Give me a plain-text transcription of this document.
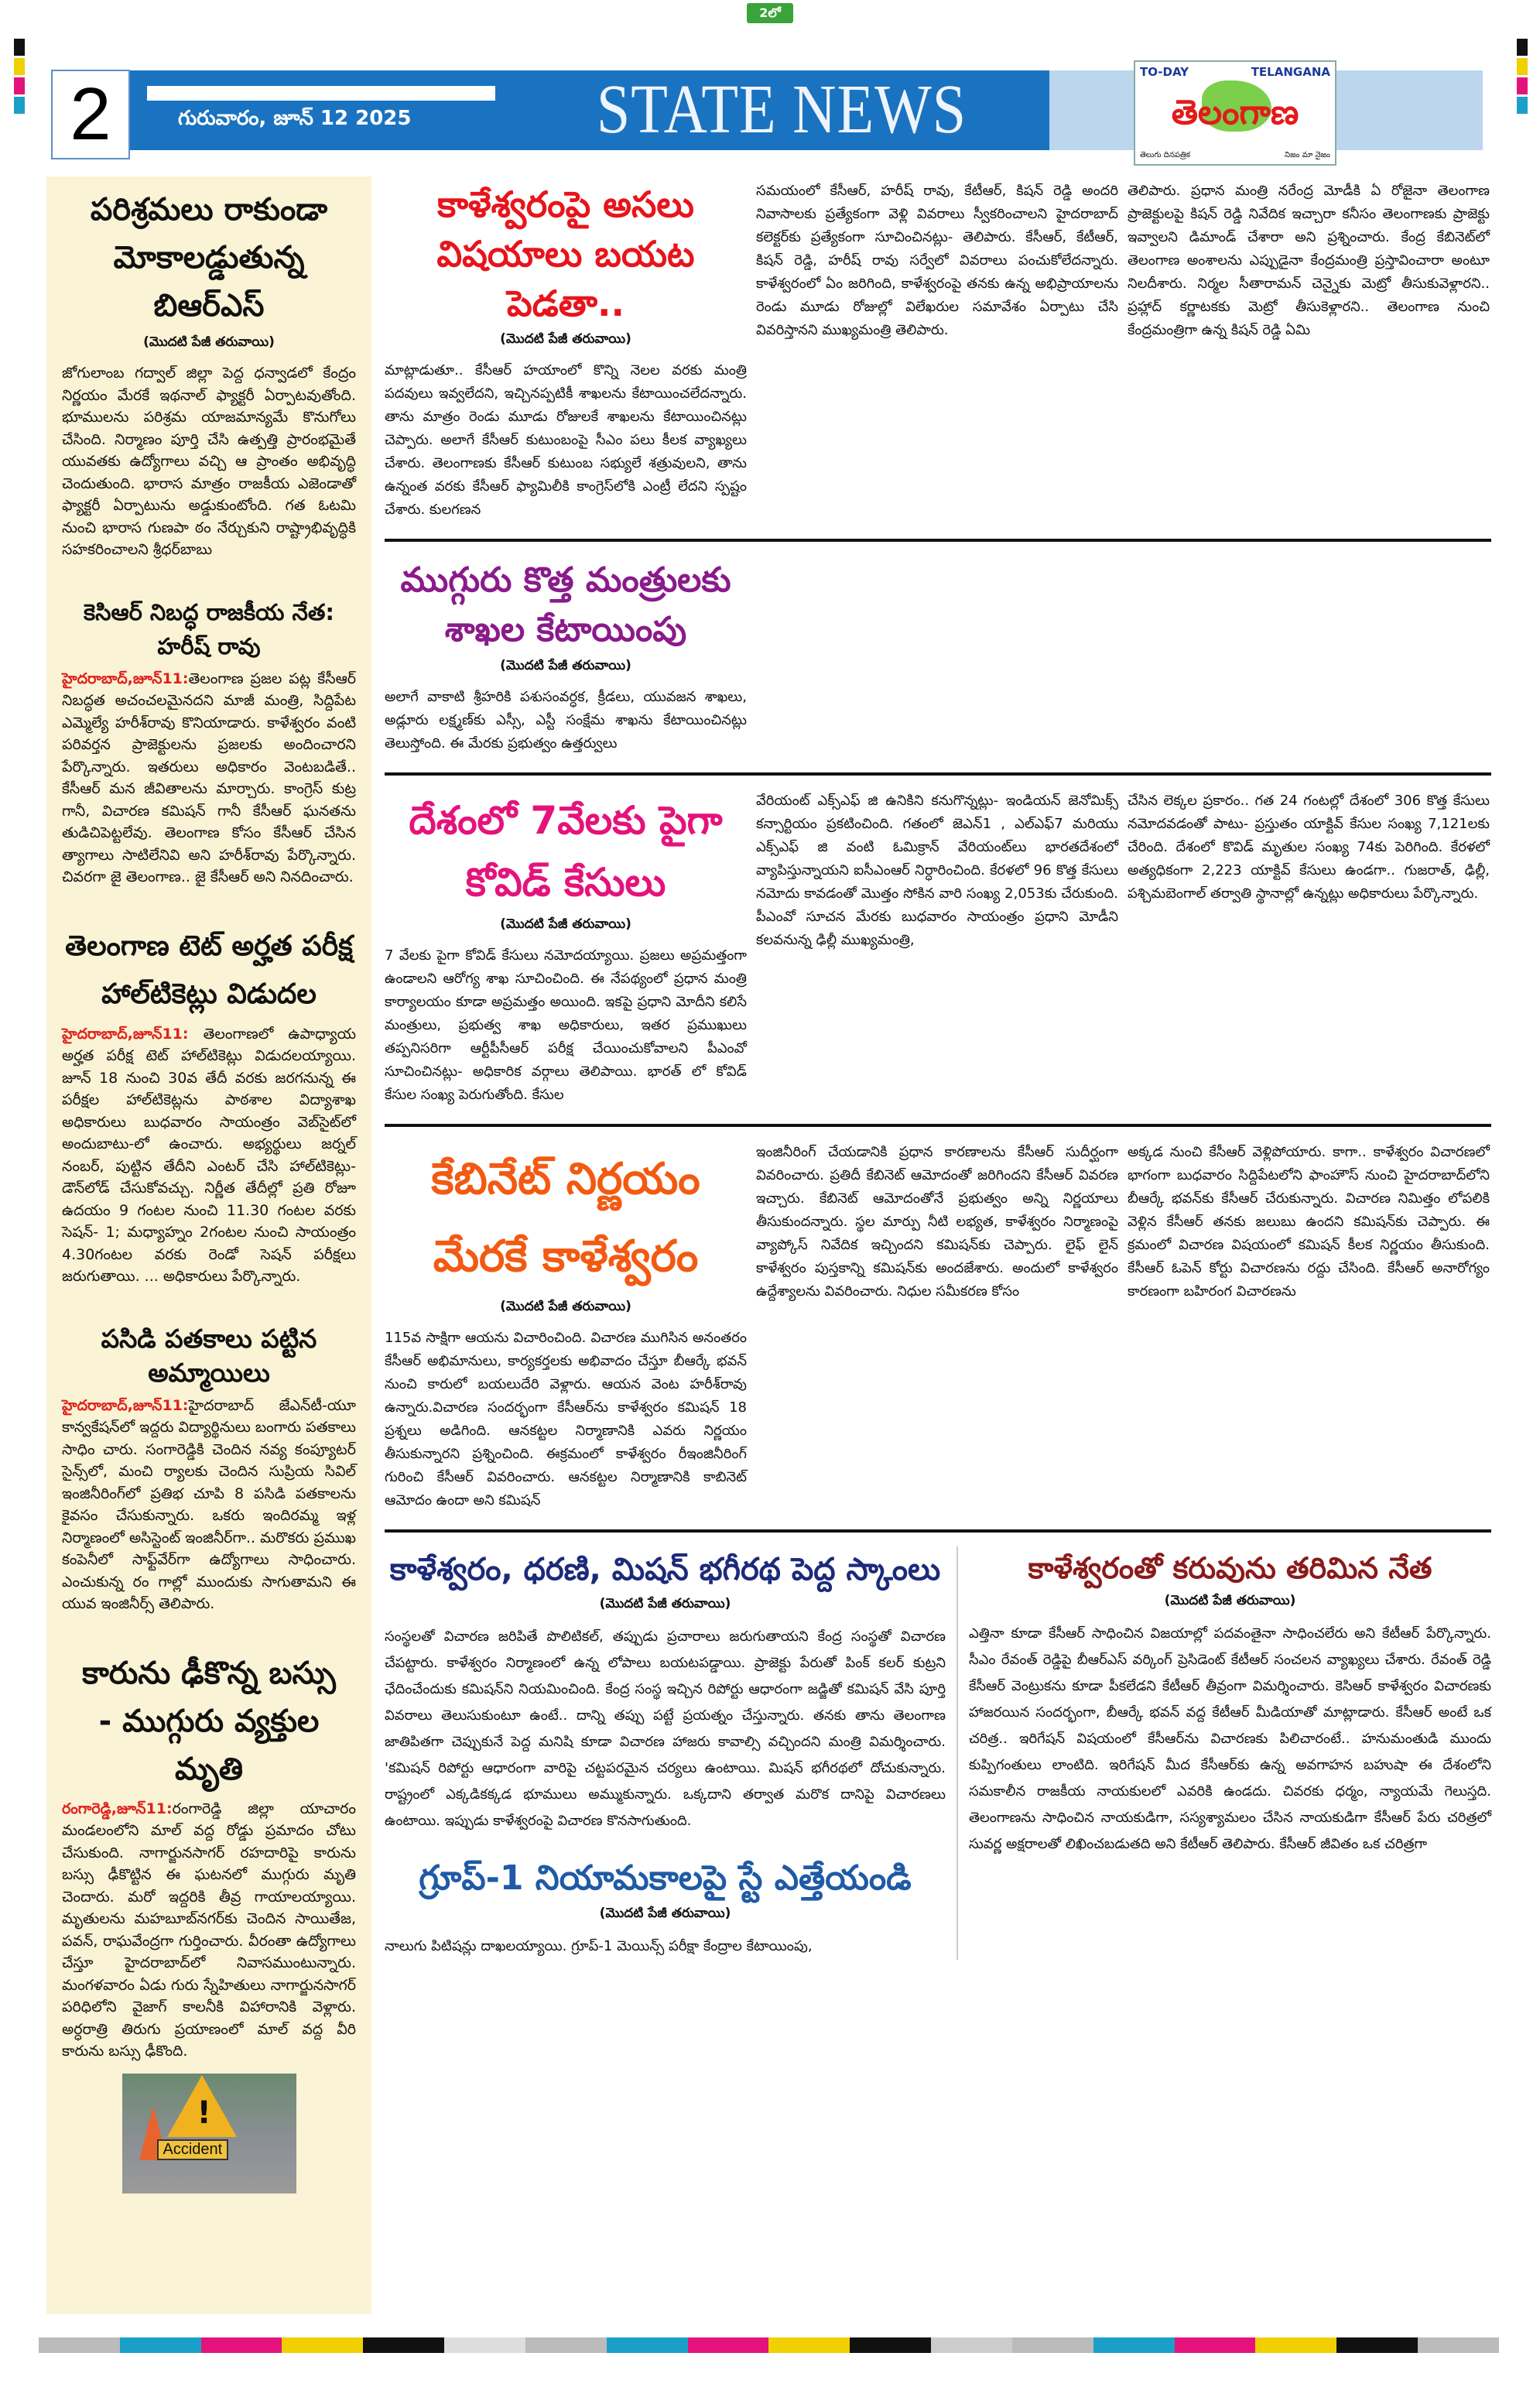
2లో
2	గురువారం, జూన్ 12 2025	STATE NEWS	TO-DAY	TELANGANA
తెలంగాణ
తెలుగు దినపత్రిక	నిజం మా నైజం
పరిశ్రమలు రాకుండా
మోకాలడ్డుతున్న బిఆర్ఎస్
(మొదటి పేజీ తరువాయి)

జోగులాంబ గద్వాల్ జిల్లా పెద్ద ధన్వాడలో కేంద్రం నిర్ణయం మేరకే ఇథనాల్ ఫ్యాక్టరీ ఏర్పాటవుతోంది. భూములను పరిశ్రమ యాజమాన్యమే కొనుగోలు చేసింది. నిర్మాణం పూర్తి చేసి ఉత్పత్తి ప్రారంభమైతే యువతకు ఉద్యోగాలు వచ్చి ఆ ప్రాంతం అభివృద్ధి చెందుతుంది. భారాస మాత్రం రాజకీయ ఎజెండాతో ఫ్యాక్టరీ ఏర్పాటును అడ్డుకుంటోంది. గత ఓటమి నుంచి భారాస గుణపా ఠం నేర్చుకుని రాష్ట్రాభివృద్ధికి సహకరించాలని శ్రీధర్‌బాబు

కెసిఆర్ నిబద్ధ రాజకీయ నేత: హరీష్ రావు

హైదరాబాద్,జూన్11:తెలంగాణ ప్రజల పట్ల కేసీఆర్ నిబద్ధత అచంచలమైనదని మాజీ మంత్రి, సిద్దిపేట ఎమ్మెల్యే హరీశ్‌రావు కొనియాడారు. కాళేశ్వరం వంటి పరివర్తన ప్రాజెక్టులను ప్రజలకు అందించారని పేర్కొన్నారు. ఇతరులు అధికారం వెంటబడితే.. కేసీఆర్ మన జీవితాలను మార్చారు. కాంగ్రెస్ కుట్ర గానీ, విచారణ కమిషన్ గానీ కేసీఆర్ ఘనతను తుడిచిపెట్టలేవు. తెలంగాణ కోసం కేసీఆర్ చేసిన త్యాగాలు సాటిలేనివి అని హరీశ్‌రావు పేర్కొన్నారు. చివరగా జై తెలంగాణ.. జై కేసీఆర్ అని నినదించారు.

తెలంగాణ టెట్ అర్హత పరీక్ష
హాల్‌టికెట్లు విడుదల

హైదరాబాద్,జూన్11: తెలంగాణలో ఉపాధ్యాయ అర్హత పరీక్ష టెట్ హాల్‌టికెట్లు విడుదలయ్యాయి. జూన్ 18 నుంచి 30వ తేదీ వరకు జరగనున్న ఈ పరీక్షల హాల్‌టికెట్లను పాఠశాల విద్యాశాఖ అధికారులు బుధవారం సాయంత్రం వెబ్‌సైట్‌లో అందుబాటు-లో ఉంచారు. అభ్యర్థులు జర్నల్ నంబర్, పుట్టిన తేదీని ఎంటర్ చేసి హాల్‌టికెట్లు- డౌన్‌లోడ్ చేసుకోవచ్చు. నిర్ణీత తేదీల్లో ప్రతి రోజూ ఉదయం 9 గంటల నుంచి 11.30 గంటల వరకు సెషన్- 1; మధ్యాహ్నం 2గంటల నుంచి సాయంత్రం 4.30గంటల వరకు రెండో సెషన్ పరీక్షలు జరుగుతాయి. ... అధికారులు పేర్కొన్నారు.

పసిడి పతకాలు పట్టిన అమ్మాయిలు

హైదరాబాద్,జూన్11:హైదరాబాద్ జేఎన్‌టీ-యూ కాన్వకేషన్‌లో ఇద్దరు విద్యార్థినులు బంగారు పతకాలు సాధిం చారు. సంగారెడ్డికి చెందిన నవ్య కంప్యూటర్ సైన్స్‌లో, మంచి ర్యాలకు చెందిన సుప్రియ సివిల్ ఇంజినీరింగ్‌లో ప్రతిభ చూపి 8 పసిడి పతకాలను కైవసం చేసుకున్నారు. ఒకరు ఇందిరమ్మ ఇళ్ల నిర్మాణంలో అసిస్టెంట్ ఇంజినీర్‌గా.. మరొకరు ప్రముఖ కంపెనీలో సాఫ్ట్‌వేర్‌గా ఉద్యోగాలు సాధించారు. ఎంచుకున్న రం గాల్లో ముందుకు సాగుతామని ఈ యువ ఇంజినీర్స్ తెలిపారు.

కారును ఢీకొన్న బస్సు
- ముగ్గురు వ్యక్తుల మృతి

రంగారెడ్డి,జూన్11:రంగారెడ్డి జిల్లా యాచారం మండలంలోని మాల్ వద్ద రోడ్డు ప్రమాదం చోటు చేసుకుంది. నాగార్జునసాగర్ రహదారిపై కారును బస్సు ఢీకొట్టిన ఈ ఘటనలో ముగ్గురు మృతి చెందారు. మరో ఇద్దరికి తీవ్ర గాయాలయ్యాయి. మృతులను మహబూబ్‌నగర్‌కు చెందిన సాయితేజ, పవన్, రాఘవేంద్రగా గుర్తించారు. వీరంతా ఉద్యోగాలు చేస్తూ హైదరాబాద్‌లో నివాసముంటున్నారు. మంగళవారం ఏడు గురు స్నేహితులు నాగార్జునసాగర్ పరిధిలోని వైజాగ్ కాలనీకి విహారానికి వెళ్లారు. అర్ధరాత్రి తిరుగు ప్రయాణంలో మాల్ వద్ద వీరి కారును బస్సు ఢీకొంది.

!
Accident
కాళేశ్వరంపై అసలు
విషయాలు బయట పెడతా..
(మొదటి పేజీ తరువాయి)

మాట్లాడుతూ.. కేసీఆర్ హయాంలో కొన్ని నెలల వరకు మంత్రి పదవులు ఇవ్వలేదని, ఇచ్చినప్పటికీ శాఖలను కేటాయించలేదన్నారు. తాను మాత్రం రెండు మూడు రోజులకే శాఖలను కేటాయించినట్లు చెప్పారు. అలాగే కేసీఆర్ కుటుంబంపై సీఎం పలు కీలక వ్యాఖ్యలు చేశారు. తెలంగాణకు కేసీఆర్ కుటుంబ సభ్యులే శత్రువులని, తాను ఉన్నంత వరకు కేసీఆర్ ఫ్యామిలీకి కాంగ్రెస్‌లోకి ఎంట్రీ లేదని స్పష్టం చేశారు. కులగణన

సమయంలో కేసీఆర్, హరీష్ రావు, కేటీఆర్, కిషన్ రెడ్డి అందరి నివాసాలకు ప్రత్యేకంగా వెళ్లి వివరాలు స్వీకరించాలని హైదరాబాద్ కలెక్టర్‌కు ప్రత్యేకంగా సూచించినట్లు- తెలిపారు. కేసీఆర్, కేటీఆర్, కిషన్ రెడ్డి, హరీష్ రావు సర్వేలో వివరాలు పంచుకోలేదన్నారు. కాళేశ్వరంలో ఏం జరిగింది, కాళేశ్వరంపై తనకు ఉన్న అభిప్రాయాలను రెండు మూడు రోజుల్లో విలేఖరుల సమావేశం ఏర్పాటు చేసి వివరిస్తానని ముఖ్యమంత్రి తెలిపారు.

తెలిపారు. ప్రధాన మంత్రి నరేంద్ర మోడీకి ఏ రోజైనా తెలంగాణ ప్రాజెక్టులపై కిషన్ రెడ్డి నివేదిక ఇచ్చారా కనీసం తెలంగాణకు ప్రాజెక్టు ఇవ్వాలని డిమాండ్ చేశారా అని ప్రశ్నించారు. కేంద్ర కేబినెట్‌లో తెలంగాణ అంశాలను ఎప్పుడైనా కేంద్రమంత్రి ప్రస్తావించారా అంటూ నిలదీశారు. నిర్మల సీతారామన్ చెన్నైకు మెట్రో తీసుకువెళ్లారని.. ప్రహ్లాద్ కర్ణాటకకు మెట్రో తీసుకెళ్లారని.. తెలంగాణ నుంచి కేంద్రమంత్రిగా ఉన్న కిషన్ రెడ్డి ఏమి

ముగ్గురు కొత్త మంత్రులకు
శాఖల కేటాయింపు
(మొదటి పేజీ తరువాయి)

అలాగే వాకాటి శ్రీహరికి పశుసంవర్ధక, క్రీడలు, యువజన శాఖలు, అడ్లూరు లక్ష్మణ్‌కు ఎస్సీ, ఎస్టీ సంక్షేమ శాఖను కేటాయించినట్లు తెలుస్తోంది. ఈ మేరకు ప్రభుత్వం ఉత్తర్వులు

దేశంలో 7వేలకు పైగా
కోవిడ్ కేసులు
(మొదటి పేజీ తరువాయి)

7 వేలకు పైగా కోవిడ్ కేసులు నమోదయ్యాయి. ప్రజలు అప్రమత్తంగా ఉండాలని ఆరోగ్య శాఖ సూచించింది. ఈ నేపథ్యంలో ప్రధాన మంత్రి కార్యాలయం కూడా అప్రమత్తం అయింది. ఇకపై ప్రధాని మోదీని కలిసే మంత్రులు, ప్రభుత్వ శాఖ అధికారులు, ఇతర ప్రముఖులు తప్పనిసరిగా ఆర్టీపీసీఆర్ పరీక్ష చేయించుకోవాలని పీఎంవో సూచించినట్లు- అధికారిక వర్గాలు తెలిపాయి. భారత్ లో కోవిడ్ కేసుల సంఖ్య పెరుగుతోంది. కేసుల

వేరియంట్ ఎక్స్‌ఎఫ్ జి ఉనికిని కనుగొన్నట్లు- ఇండియన్ జెనోమిక్స్ కన్సార్టియం ప్రకటించింది. గతంలో జెఎన్1 , ఎల్ఎఫ్7 మరియు ఎక్స్‌ఎఫ్ జి వంటి ఓమిక్రాన్ వేరియంట్‌లు భారతదేశంలో వ్యాపిస్తున్నాయని ఐసీఎంఆర్ నిర్ధారించింది. కేరళలో 96 కొత్త కేసులు నమోదు కావడంతో మొత్తం సోకిన వారి సంఖ్య 2,053కు చేరుకుంది. పీఎంవో సూచన మేరకు బుధవారం సాయంత్రం ప్రధాని మోడీని కలవనున్న ఢిల్లీ ముఖ్యమంత్రి,

చేసిన లెక్కల ప్రకారం.. గత 24 గంటల్లో దేశంలో 306 కొత్త కేసులు నమోదవడంతో పాటు- ప్రస్తుతం యాక్టివ్ కేసుల సంఖ్య 7,121లకు చేరింది. దేశంలో కొవిడ్ మృతుల సంఖ్య 74కు పెరిగింది. కేరళలో అత్యధికంగా 2,223 యాక్టివ్ కేసులు ఉండగా.. గుజరాత్, ఢిల్లీ, పశ్చిమబెంగాల్ తర్వాతి స్థానాల్లో ఉన్నట్లు అధికారులు పేర్కొన్నారు.

కేబినేట్ నిర్ణయం
మేరకే కాళేశ్వరం
(మొదటి పేజీ తరువాయి)

115వ సాక్షిగా ఆయను విచారించింది. విచారణ ముగిసిన అనంతరం కేసీఆర్ అభిమానులు, కార్యకర్తలకు అభివాదం చేస్తూ బీఆర్కే భవన్ నుంచి కారులో బయలుదేరి వెళ్లారు. ఆయన వెంట హరీశ్‌రావు ఉన్నారు.విచారణ సందర్భంగా కేసీఆర్‌ను కాళేశ్వరం కమిషన్ 18 ప్రశ్నలు అడిగింది. ఆనకట్టల నిర్మాణానికి ఎవరు నిర్ణయం తీసుకున్నారని ప్రశ్నించింది. ఈక్రమంలో కాళేశ్వరం రీఇంజినీరింగ్ గురించి కేసీఆర్ వివరించారు. ఆనకట్టల నిర్మాణానికి కాబినెట్ ఆమోదం ఉందా అని కమిషన్

ఇంజినీరింగ్ చేయడానికి ప్రధాన కారణాలను కేసీఆర్ సుదీర్ఘంగా వివరించారు. ప్రతిదీ కేబినెట్ ఆమోదంతో జరిగిందని కేసీఆర్ వివరణ ఇచ్చారు. కేబినెట్ ఆమోదంతోనే ప్రభుత్వం అన్ని నిర్ణయాలు తీసుకుందన్నారు. స్థల మార్పు నీటి లభ్యత, కాళేశ్వరం నిర్మాణంపై వ్యాప్కోస్ నివేదిక ఇచ్చిందని కమిషన్‌కు చెప్పారు. లైఫ్ లైన్ కాళేశ్వరం పుస్తకాన్ని కమిషన్‌కు అందజేశారు. అందులో కాళేశ్వరం ఉద్దేశ్యాలను వివరించారు. నిధుల సమీకరణ కోసం

అక్కడ నుంచి కేసీఆర్ వెళ్లిపోయారు. కాగా.. కాళేశ్వరం విచారణలో భాగంగా బుధవారం సిద్దిపేటలోని ఫాంహౌస్ నుంచి హైదరాబాద్‌లోని బీఆర్కే భవన్‌కు కేసీఆర్ చేరుకున్నారు. విచారణ నిమిత్తం లోపలికి వెళ్లిన కేసీఆర్ తనకు జలుబు ఉందని కమిషన్‌కు చెప్పారు. ఈ క్రమంలో విచారణ విషయంలో కమిషన్ కీలక నిర్ణయం తీసుకుంది. కేసీఆర్ ఓపెన్ కోర్టు విచారణను రద్దు చేసింది. కేసీఆర్ అనారోగ్యం కారణంగా బహిరంగ విచారణను

కాళేశ్వరం, ధరణి, మిషన్ భగీరథ పెద్ద స్కాంలు
(మొదటి పేజీ తరువాయి)

సంస్థలతో విచారణ జరిపితే పొలిటికల్, తప్పుడు ప్రచారాలు జరుగుతాయని కేంద్ర సంస్థతో విచారణ చేపట్టారు. కాళేశ్వరం నిర్మాణంలో ఉన్న లోపాలు బయటపడ్డాయి. ప్రాజెక్టు పేరుతో పింక్ కలర్ కుట్రని ఛేదించేందుకు కమిషన్‌ని నియమించింది. కేంద్ర సంస్థ ఇచ్చిన రిపోర్టు ఆధారంగా జడ్జితో కమిషన్ వేసి పూర్తి వివరాలు తెలుసుకుంటూ ఉంటే.. దాన్ని తప్పు పట్టే ప్రయత్నం చేస్తున్నారు. తనకు తాను తెలంగాణ జాతిపితగా చెప్పుకునే పెద్ద మనిషి కూడా విచారణ హాజరు కావాల్సి వచ్చిందని మంత్రి విమర్శించారు. 'కమిషన్ రిపోర్టు ఆధారంగా వారిపై చట్టపరమైన చర్యలు ఉంటాయి. మిషన్ భగీరథలో దోచుకున్నారు. రాష్ట్రంలో ఎక్కడికక్కడ భూములు అమ్ముకున్నారు. ఒక్కదాని తర్వాత మరొక దానిపై విచారణలు ఉంటాయి. ఇప్పుడు కాళేశ్వరంపై విచారణ కొనసాగుతుంది.

గ్రూప్-1 నియామకాలపై స్టే ఎత్తేయండి
(మొదటి పేజీ తరువాయి)

నాలుగు పిటిషన్లు దాఖలయ్యాయి. గ్రూప్-1 మెయిన్స్ పరీక్షా కేంద్రాల కేటాయింపు,

కాళేశ్వరంతో కరువును తరిమిన నేత
(మొదటి పేజీ తరువాయి)

ఎత్తినా కూడా కేసీఆర్ సాధించిన విజయాల్లో పదవంతైనా సాధించలేరు అని కేటీఆర్ పేర్కొన్నారు. సీఎం రేవంత్ రెడ్డిపై బీఆర్ఎస్ వర్కింగ్ ప్రెసిడెంట్ కేటీఆర్ సంచలన వ్యాఖ్యలు చేశారు. రేవంత్ రెడ్డి కేసీఆర్ వెంట్రుకను కూడా పీకలేడని కేటీఆర్ తీవ్రంగా విమర్శించారు. కెసిఆర్ కాళేశ్వరం విచారణకు హాజరయిన సందర్భంగా, బీఆర్కే భవన్ వద్ద కేటీఆర్ మీడియాతో మాట్లాడారు. కేసీఆర్ అంటే ఒక చరిత్ర.. ఇరిగేషన్ విషయంలో కేసీఆర్‌ను విచారణకు పిలిచారంటే.. హనుమంతుడి ముందు కుప్పిగంతులు లాంటిది. ఇరిగేషన్ మీద కేసీఆర్‌కు ఉన్న అవగాహన బహుషా ఈ దేశంలోని సమకాలీన రాజకీయ నాయకులలో ఎవరికి ఉండదు. చివరకు ధర్మం, న్యాయమే గెలుస్తది. తెలంగాణను సాధించిన నాయకుడిగా, సస్యశ్యామలం చేసిన నాయకుడిగా కేసీఆర్ పేరు చరిత్రలో సువర్ణ అక్షరాలతో లిఖించబడుతది అని కేటీఆర్ తెలిపారు. కేసీఆర్ జీవితం ఒక చరిత్రగా
